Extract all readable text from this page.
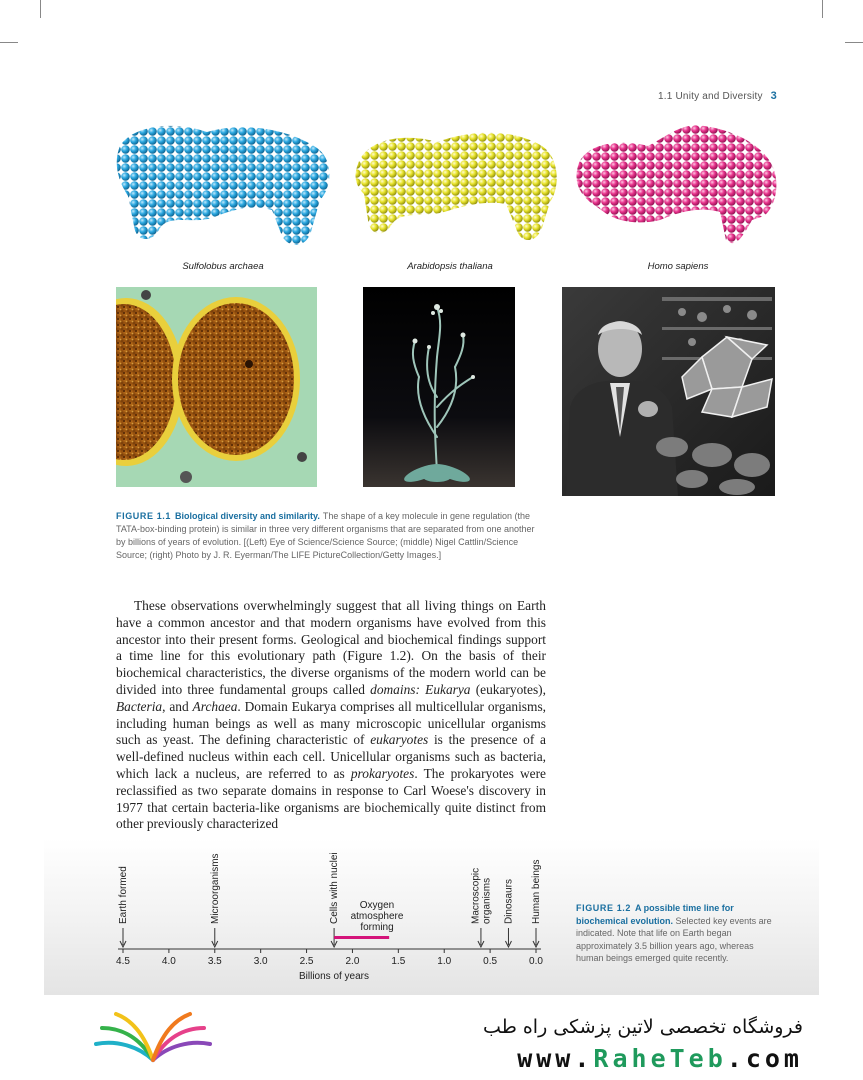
1.1 Unity and Diversity 3
Sulfolobus archaea	Arabidopsis thaliana	Homo sapiens
FIGURE 1.1 Biological diversity and similarity. The shape of a key molecule in gene regulation (the TATA-box-binding protein) is similar in three very different organisms that are separated from one another by billions of years of evolution. [(Left) Eye of Science/Science Source; (middle) Nigel Cattlin/Science Source; (right) Photo by J. R. Eyerman/The LIFE PictureCollection/Getty Images.]

These observations overwhelmingly suggest that all living things on Earth have a common ancestor and that modern organisms have evolved from this ancestor into their present forms. Geological and biochemical findings support a time line for this evolutionary path (Figure 1.2). On the basis of their biochemical characteristics, the diverse organisms of the modern world can be divided into three fundamental groups called domains: Eukarya (eukaryotes), Bacteria, and Archaea. Domain Eukarya comprises all multicellular organisms, including human beings as well as many microscopic unicellular organisms such as yeast. The defining characteristic of eukaryotes is the presence of a well-defined nucleus within each cell. Unicellular organisms such as bacteria, which lack a nucleus, are referred to as prokaryotes. The prokaryotes were reclassified as two separate domains in response to Carl Woese's discovery in 1977 that certain bacteria-like organisms are biochemically quite distinct from other previously characterized

4.5	4.0	3.5	3.0	2.5	2.0	1.5	1.0	0.5	0.0
Earth formed	Microorganisms	Cells with nuclei	Macroscopic organisms Dinosaurs Human beings
Oxygen
atmosphere
forming
Billions of years
FIGURE 1.2 A possible time line for biochemical evolution. Selected key events are indicated. Note that life on Earth began approximately 3.5 billion years ago, whereas human beings emerged quite recently.
فروشگاه تخصصی لاتین پزشکی راه طب
www.RaheTeb.com
